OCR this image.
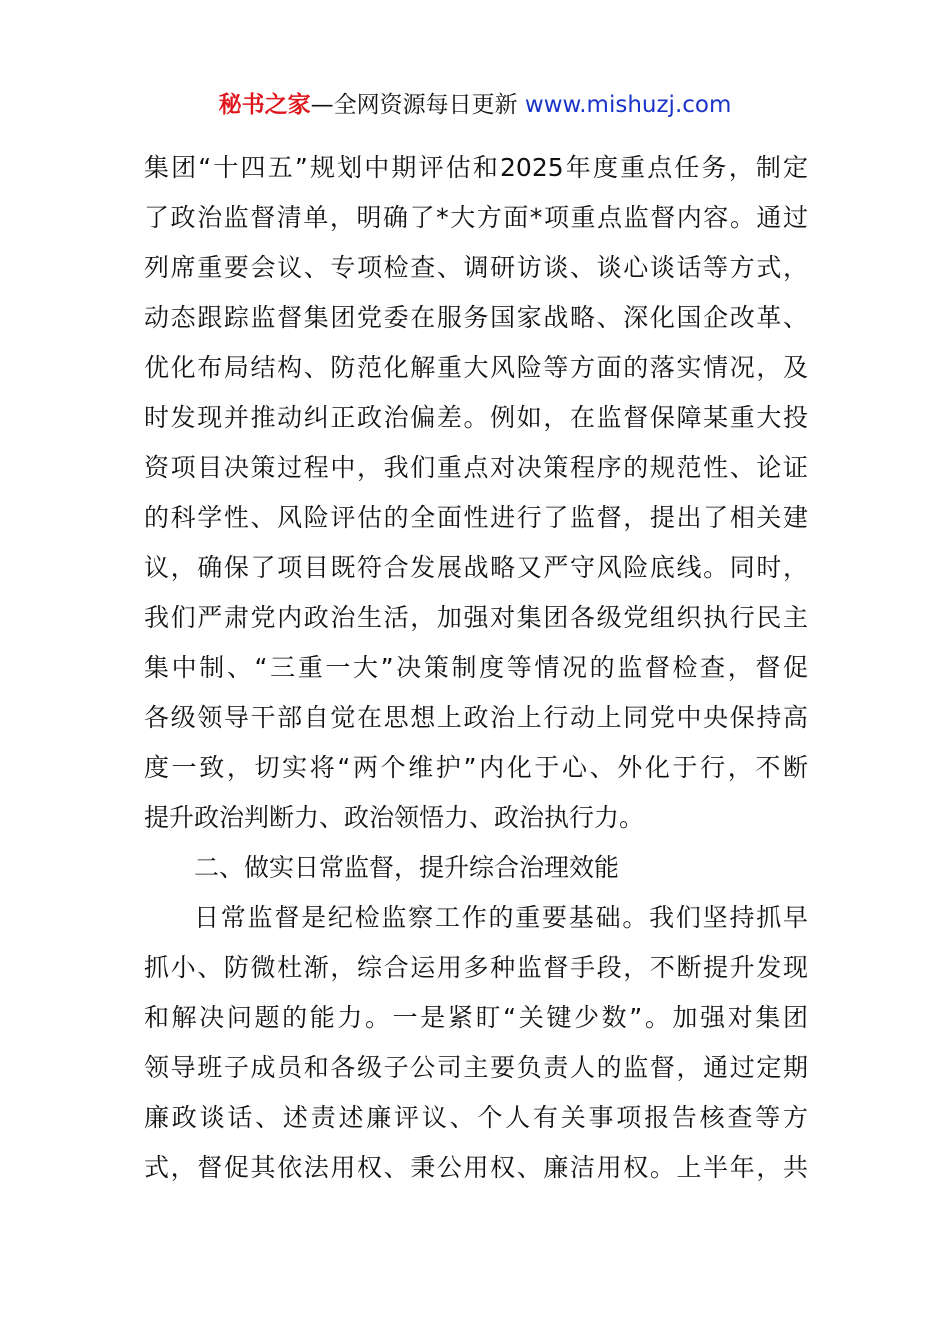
秘书之家—全网资源每日更新 www.mishuzj.com
集团“十四五”规划中期评估和2025年度重点任务，制定
了政治监督清单，明确了*大方面*项重点监督内容。通过
列席重要会议、专项检查、调研访谈、谈心谈话等方式，
动态跟踪监督集团党委在服务国家战略、深化国企改革、
优化布局结构、防范化解重大风险等方面的落实情况，及
时发现并推动纠正政治偏差。例如，在监督保障某重大投
资项目决策过程中，我们重点对决策程序的规范性、论证
的科学性、风险评估的全面性进行了监督，提出了相关建
议，确保了项目既符合发展战略又严守风险底线。同时，
我们严肃党内政治生活，加强对集团各级党组织执行民主
集中制、“三重一大”决策制度等情况的监督检查，督促
各级领导干部自觉在思想上政治上行动上同党中央保持高
度一致，切实将“两个维护”内化于心、外化于行，不断
提升政治判断力、政治领悟力、政治执行力。
二、做实日常监督，提升综合治理效能
日常监督是纪检监察工作的重要基础。我们坚持抓早
抓小、防微杜渐，综合运用多种监督手段，不断提升发现
和解决问题的能力。一是紧盯“关键少数”。加强对集团
领导班子成员和各级子公司主要负责人的监督，通过定期
廉政谈话、述责述廉评议、个人有关事项报告核查等方
式，督促其依法用权、秉公用权、廉洁用权。上半年，共
